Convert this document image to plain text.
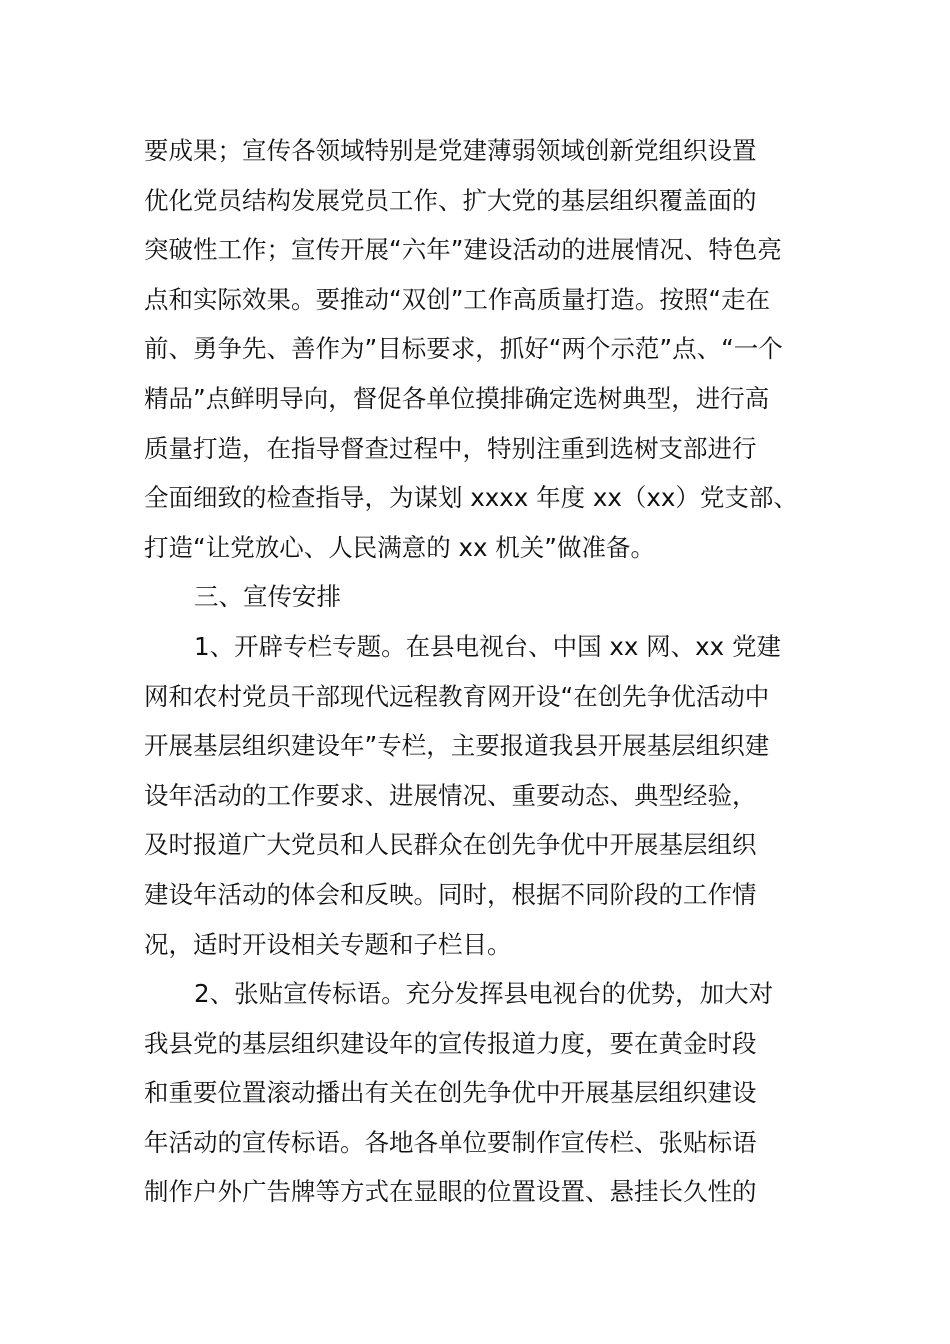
要成果；宣传各领域特别是党建薄弱领域创新党组织设置
优化党员结构发展党员工作、扩大党的基层组织覆盖面的
突破性工作；宣传开展“六年”建设活动的进展情况、特色亮
点和实际效果。要推动“双创”工作高质量打造。按照“走在
前、勇争先、善作为”目标要求，抓好“两个示范”点、“一个
精品”点鲜明导向，督促各单位摸排确定选树典型，进行高
质量打造，在指导督查过程中，特别注重到选树支部进行
全面细致的检查指导，为谋划 xxxx 年度 xx（xx）党支部、
打造“让党放心、人民满意的 xx 机关”做准备。
三、宣传安排
1、开辟专栏专题。在县电视台、中国 xx 网、xx 党建
网和农村党员干部现代远程教育网开设“在创先争优活动中
开展基层组织建设年”专栏，主要报道我县开展基层组织建
设年活动的工作要求、进展情况、重要动态、典型经验，
及时报道广大党员和人民群众在创先争优中开展基层组织
建设年活动的体会和反映。同时，根据不同阶段的工作情
况，适时开设相关专题和子栏目。
2、张贴宣传标语。充分发挥县电视台的优势，加大对
我县党的基层组织建设年的宣传报道力度，要在黄金时段
和重要位置滚动播出有关在创先争优中开展基层组织建设
年活动的宣传标语。各地各单位要制作宣传栏、张贴标语
制作户外广告牌等方式在显眼的位置设置、悬挂长久性的
